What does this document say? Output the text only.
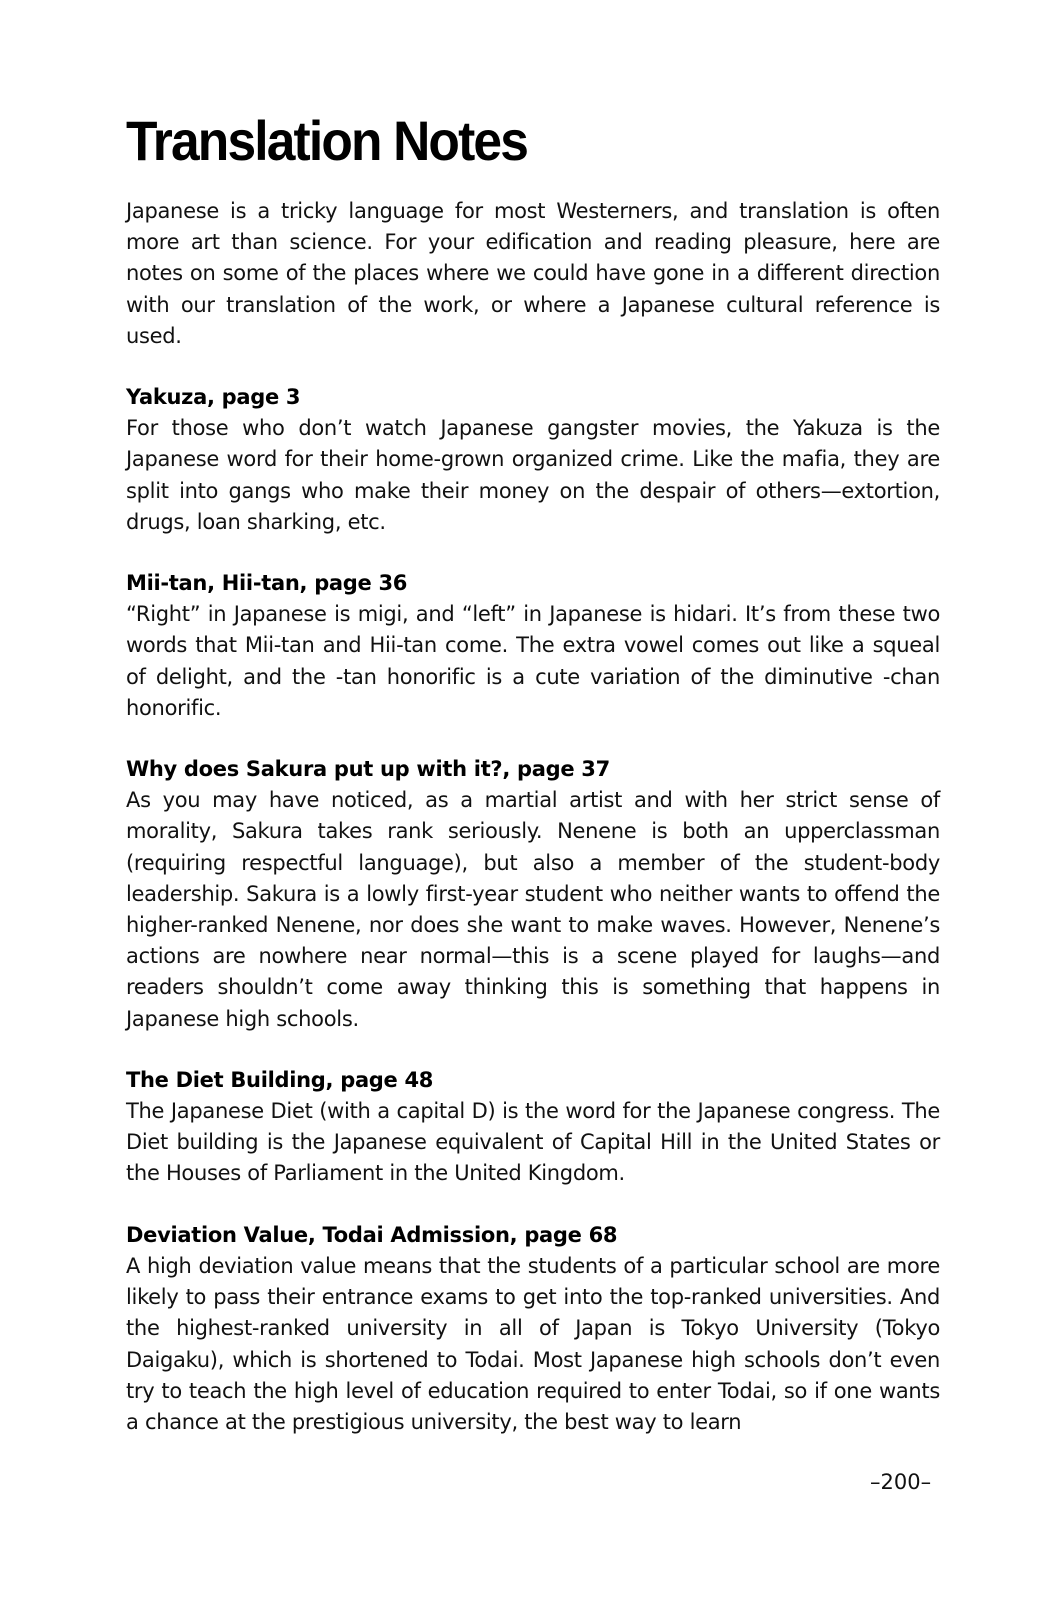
Translation Notes

Japanese is a tricky language for most Westerners, and translation is often more art than science. For your edification and reading pleasure, here are notes on some of the places where we could have gone in a different direction with our translation of the work, or where a Japanese cultural reference is used.

Yakuza, page 3

For those who don’t watch Japanese gangster movies, the Yakuza is the Japanese word for their home-grown organized crime. Like the mafia, they are split into gangs who make their money on the despair of others—extortion, drugs, loan sharking, etc.

Mii-tan, Hii-tan, page 36

“Right” in Japanese is migi, and “left” in Japanese is hidari. It’s from these two words that Mii-tan and Hii-tan come. The extra vowel comes out like a squeal of delight, and the -tan honorific is a cute variation of the diminutive -chan honorific.

Why does Sakura put up with it?, page 37

As you may have noticed, as a martial artist and with her strict sense of morality, Sakura takes rank seriously. Nenene is both an upperclassman (requiring respectful language), but also a member of the student-body leadership. Sakura is a lowly first-year student who neither wants to offend the higher-ranked Nenene, nor does she want to make waves. However, Nenene’s actions are nowhere near normal—this is a scene played for laughs—and readers shouldn’t come away thinking this is something that happens in Japanese high schools.

The Diet Building, page 48

The Japanese Diet (with a capital D) is the word for the Japanese congress. The Diet building is the Japanese equivalent of Capital Hill in the United States or the Houses of Parliament in the United Kingdom.

Deviation Value, Todai Admission, page 68

A high deviation value means that the students of a particular school are more likely to pass their entrance exams to get into the top-ranked universities. And the highest-ranked university in all of Japan is Tokyo University (Tokyo Daigaku), which is shortened to Todai. Most Japanese high schools don’t even try to teach the high level of education required to enter Todai, so if one wants a chance at the prestigious university, the best way to learn

–200–
